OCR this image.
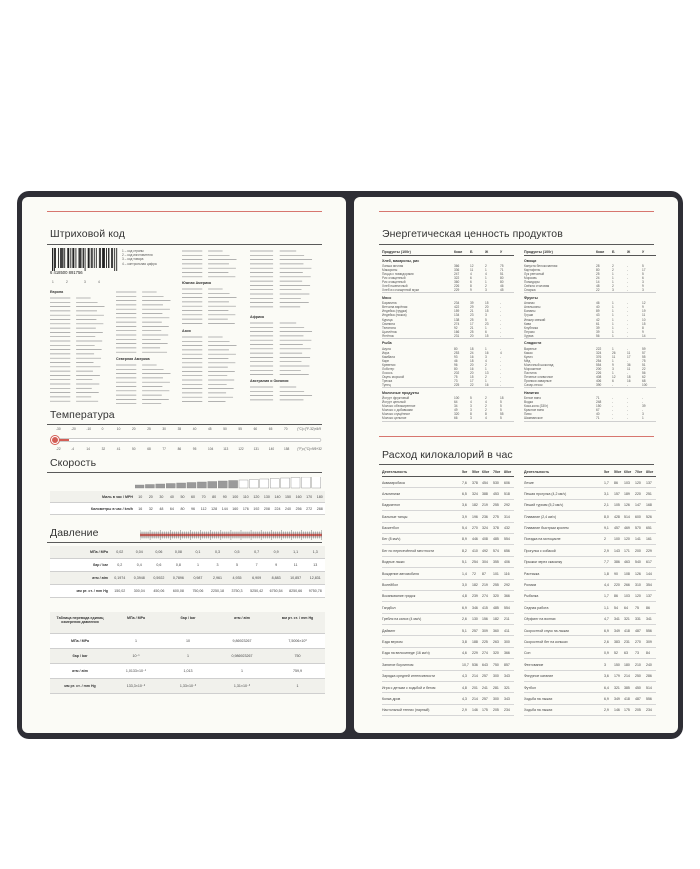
Штриховой код
6 418500 891756
1	2	3	4
1 – код страны
2 – код изготовителя
3 – код товара
4 – контрольная цифра
Европа
Северная Америка
Южная Америка
Азия
Африка
Австралия и Океания
Температура
-30	-20	-10	0	10	20	25	30	35	40	45	50	55	60	65	70	(°C)=(°F-32)×5/9
-22	-4	14	32	41	50	68	77	86	95	104	113	122	131	140	158 (°F)=(°C)×9/5+32
Скорость
Миль в час / MPH	10	20	30	40	50	60	70	80	90	100	110	120	130	140	150	160	170	180
Километры в час / km/h	16	32	48	64	80	96	112	128	144	160	176	192	208	224	240	256	272	288
Давление
МПа / MPa	0,02	0,04	0,06	0,08	0,1	0,3	0,5	0,7	0,9	1,1	1,3
бар / bar	0,2	0,4	0,6	0,8	1	3	5	7	9	11	13
атм / atm	0,1974	0,3948	0,5922	0,7896	0,987	2,961	4,935	6,909	8,883	10,857	12,831
мм рт. ст. / mm Hg	150,02	300,04	450,06	600,08	750,06	2250,18	3750,3	5250,42	6750,54	8250,66	9750,78
Таблица перевода единиц измерения давления
МПа / MPa	бар / bar	атм / atm	мм рт. ст. / mm Hg
МПа / MPa	1	10	9,86923267	7,5006×10³
бар / bar	10⁻¹	1	0,986923267	750
атм / atm	1,0133×10⁻¹	1,013	1	759,9
мм рт. ст. / mm Hg	133,3×10⁻⁶	1,33×10⁻³	1,31×10⁻³	1
Энергетическая ценность продуктов
Продукты (100г)	Ккал Б	Ж	У
Хлеб, макароны, рис
Лапша яичная	366	12	2	75
Макароны	336	11	1	71
Пицца с помидорами	247	4	4	51
Рис очищенный	322	6	1	80
Рис очищенный	360	6	1	80
Хлеб пшеничный	226	8	2	46
Хлеб из очищенной муки	229	9	3	45
Мясо
Баранина	234	39	15	-
Ветчина варёная	422	29	20	-
Индейка (грудка)	159	21	15	-
Индейка (ножка)	134	23	3	-
Курица	138	25	5	-
Свинина	274	17	23	-
Телятина	92	21	1	-
Цыплёнок	166	25	6	-
Ягнёнок	231	20	15	-
Рыба
Акула	80	18	1	-
Икра	253	24	16	4
Камбала	93	16	3	-
Карп	46	18	4	-
Креветки	96	20	2	-
Лобстер	80	16	1	-
Лосось	202	20	13	-
Окунь морской	75	15	2	-
Треска	73	17	1	-
Тунец	225	22	16	-
Молочные продукты
Йогурт фруктовый	100	5	2	18
Йогурт цельный	64	4	4	5
Молоко обезжиренное	34	3	2	5
Молоко с добавками	49	3	2	5
Молоко сгущённое	320	8	8	55
Молоко цельное	66	3	4	5
Продукты (100г)	Ккал Б	Ж	У
Овощи
Капуста белокочанная	28	2	-	5
Картофель	80	2	-	17
Лук репчатый	25	1	-	5
Морковь	24	1	-	6
Помидоры	14	1	-	3
Свёкла столовая	48	2	-	9
Спаржа	22	3	-	3
Фрукты
Ананас	46	1	-	12
Апельсины	40	1	-	9
Бананы	89	1	-	19
Груши	43	1	-	11
Инжир свежий	42	1	-	10
Киви	61	1	-	15
Клубника	39	1	-	8
Персик	39	1	-	9
Хурма	56	1	-	14
Сладости
Варенье	222	1	-	59
Какао	324	26	11	57
Кулич	376	11	17	55
Мёд	254	1	-	75
Молочный шоколад	554	9	36	51
Мороженое	200	3	11	22
Пастила	226	1	-	56
Печенье сливочное	408	12	18	62
Пряники заварные	406	6	16	68
Сахар-песок	390	-	-	100
Напитки
Белое вино	71	-	-	-
Водка	248	-	-	-
Кока-кола (330г)	150	-	-	39
Красное вино	67	-	-	-
Пиво	40	-	-	3
Шампанское	71	-	-	1
Расход килокалорий в час
Деятельность	5кг 50кг 60кг 70кг 80кг
Аквааэробика	7,6 378 454 530 606
Альпинизм	6,5 324 388 453 518
Бадминтон	3,6 182 219 255 292
Бальные танцы	3,9 196 236 275 314
Баскетбол	5,4 270 324 378 432
Бег (8 км/ч)	8,9 446 408 485 554
Бег по пересечённой местности	8,2 410 492 574 656
Водные лыжи	5,1 254 304 355 406
Вождение автомобиля	1,4 72 87 101 116
Волейбол	3,0 182 219 255 292
Вскапывание грядок	4,8 239 274 320 366
Гандбол	6,9 346 415 485 554
Гребля на каноэ (4 км/ч)	2,6 130 156 182 211
Дайвинг	5,1 257 309 360 411
Езда верхом	3,8 188 225 263 300
Езда на велосипеде (16 км/ч)	4,6 229 274 320 366
Занятие боулингом	10,7 536 643 750 857
Зарядка средней интенсивности	4,3 214 257 300 343
Игра с детьми с ходьбой и бегом	4,8 201 241 281 321
Колка дров	4,3 214 257 300 343
Настольный теннис (парный)	2,9 146 175 205 234
Деятельность	5кг 50кг 60кг 70кг 80кг
Лечие	1,7 86 103 120 137
Пешая прогулка (4,2 км/ч)	3,1 157 189 220 251
Пеший туризм (5,2 км/ч)	2,1 105 126 147 168
Плавание (2,4 км/ч)	8,0 428 514 600 526
Плавание быстрым кролем	9,1 457 469 570 651
Поездка на мотоцикле	2 100 120 141 161
Прогулка с собакой	2,9 143 171 200 229
Прыжки через скакалку	7,7 386 463 540 617
Растяжка	1,8 90 108 126 144
Роликм	4,4 220 266 310 354
Рыбалка	1,7 86 103 120 137
Седная работа	1,1 54 64 75 86
Сёрфинг на волнах	4,7 341 321 331 341
Скоростной спуск на лыжах	6,9 349 418 487 556
Скоростной бег на коньках	2,6 383 231 270 309
Сон	0,9 52 63 73 84
Фехтование	3 150 180 210 240
Фигурное катание	3,6 179 214 250 286
Футбол	6,4 321 385 450 514
Ходьба на лыжах	6,9 349 418 487 556
Ходьба на лыжах	2,9 146 175 205 234
